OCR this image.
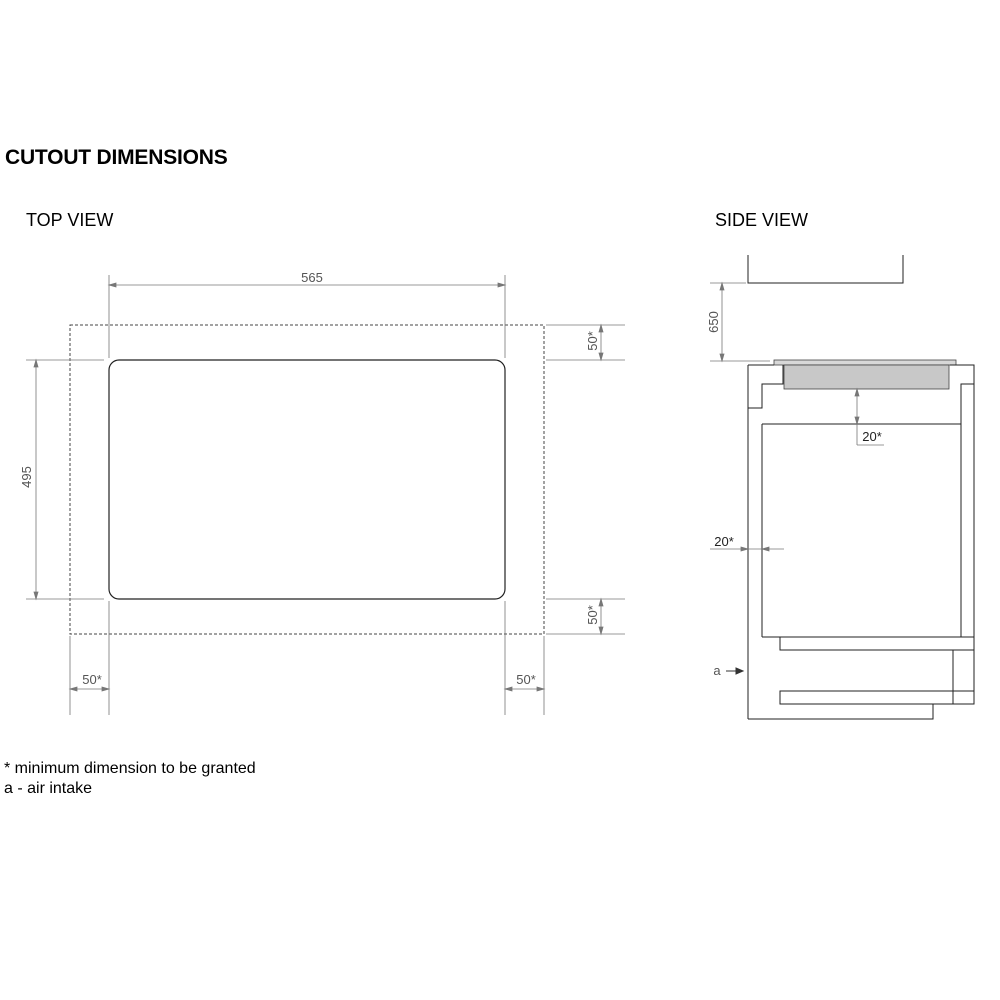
CUTOUT DIMENSIONS
TOP VIEW	SIDE VIEW
565
495
50*
50*
50*	50*
650
20*
20*
a
* minimum dimension to be granted
a - air intake
